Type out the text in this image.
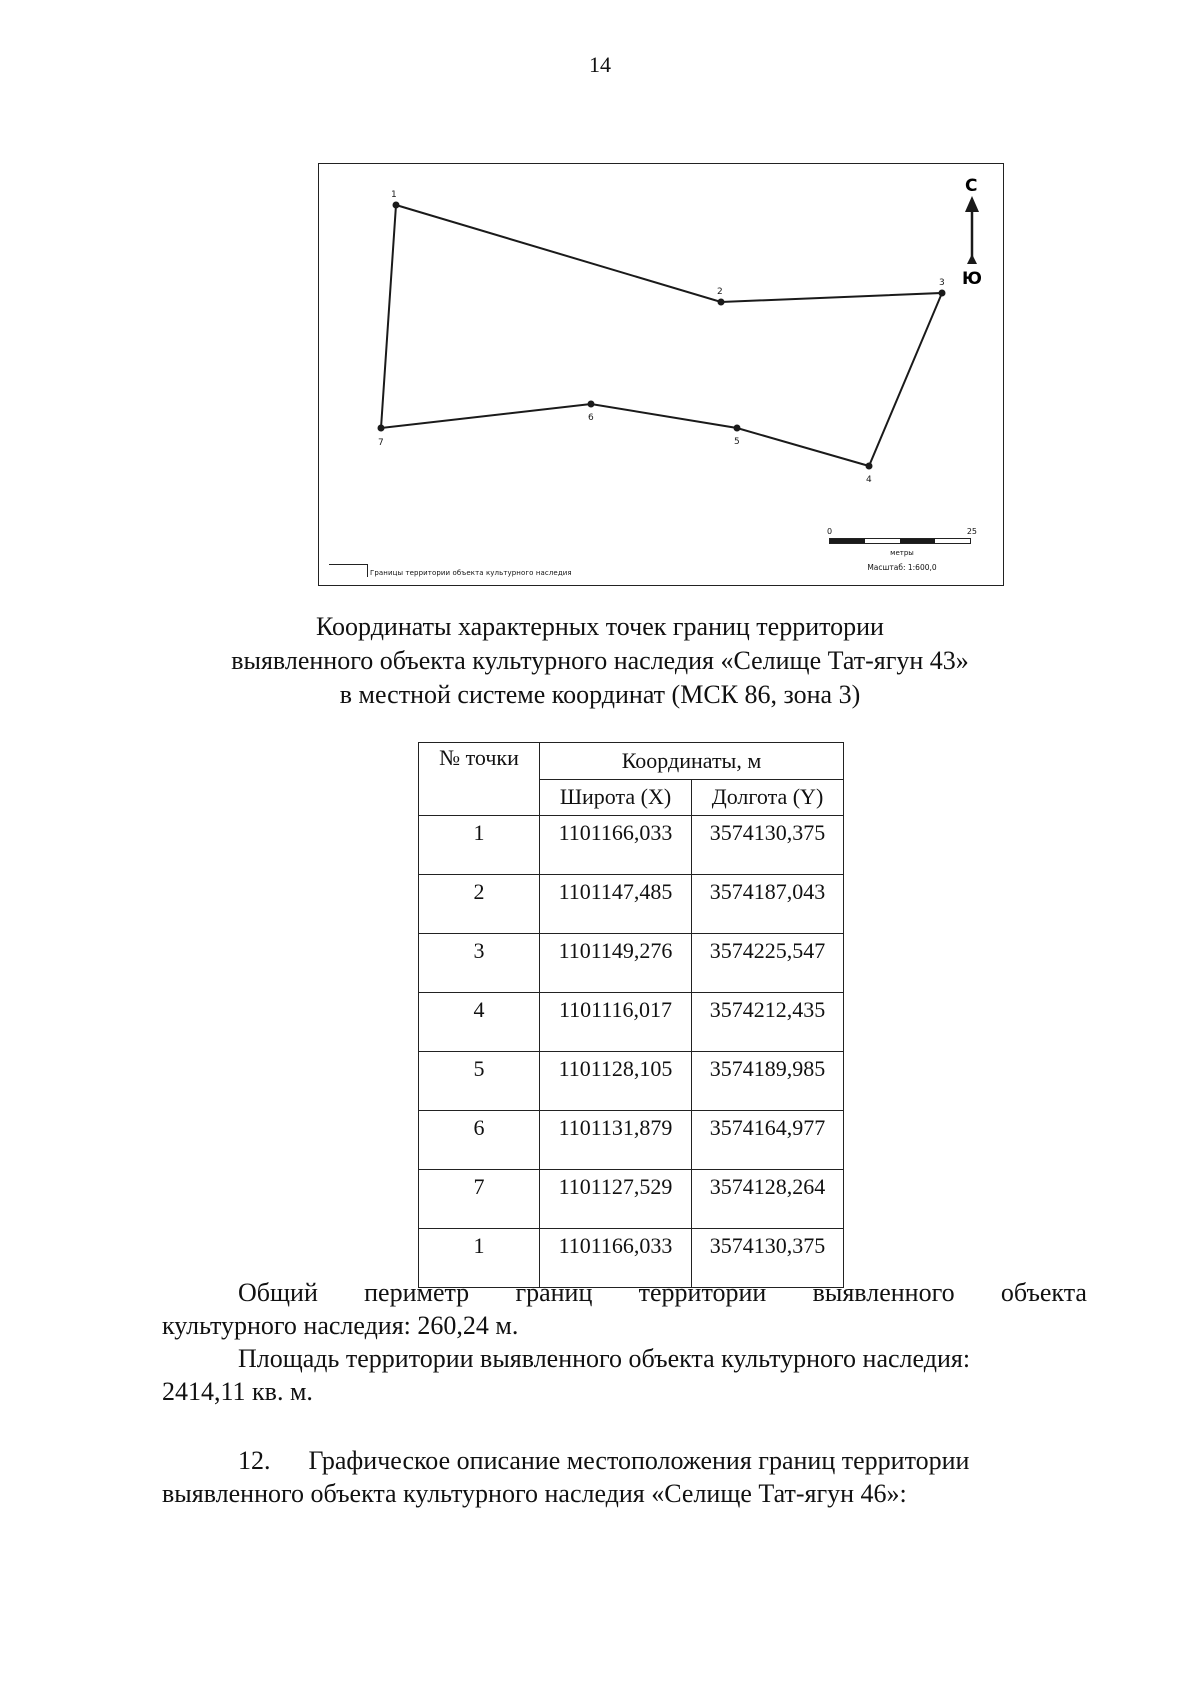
14
1
2
3
4
5
6
7
С
Ю
Границы территории объекта культурного наследия
0	25
метры
Масштаб: 1:600,0
Координаты характерных точек границ территории
выявленного объекта культурного наследия «Селище Тат-ягун 43»
в местной системе координат (МСК 86, зона 3)
№ точки	Координаты, м	
	Широта (X)	Долгота (Y)
1	1101166,033	3574130,375
2	1101147,485	3574187,043
3	1101149,276	3574225,547
4	1101116,017	3574212,435
5	1101128,105	3574189,985
6	1101131,879	3574164,977
7	1101127,529	3574128,264
1	1101166,033	3574130,375
Общий периметр границ территории выявленного объекта
культурного наследия: 260,24 м.
Площадь территории выявленного объекта культурного наследия:
2414,11 кв. м.
12. Графическое описание местоположения границ территории
выявленного объекта культурного наследия «Селище Тат-ягун 46»:
